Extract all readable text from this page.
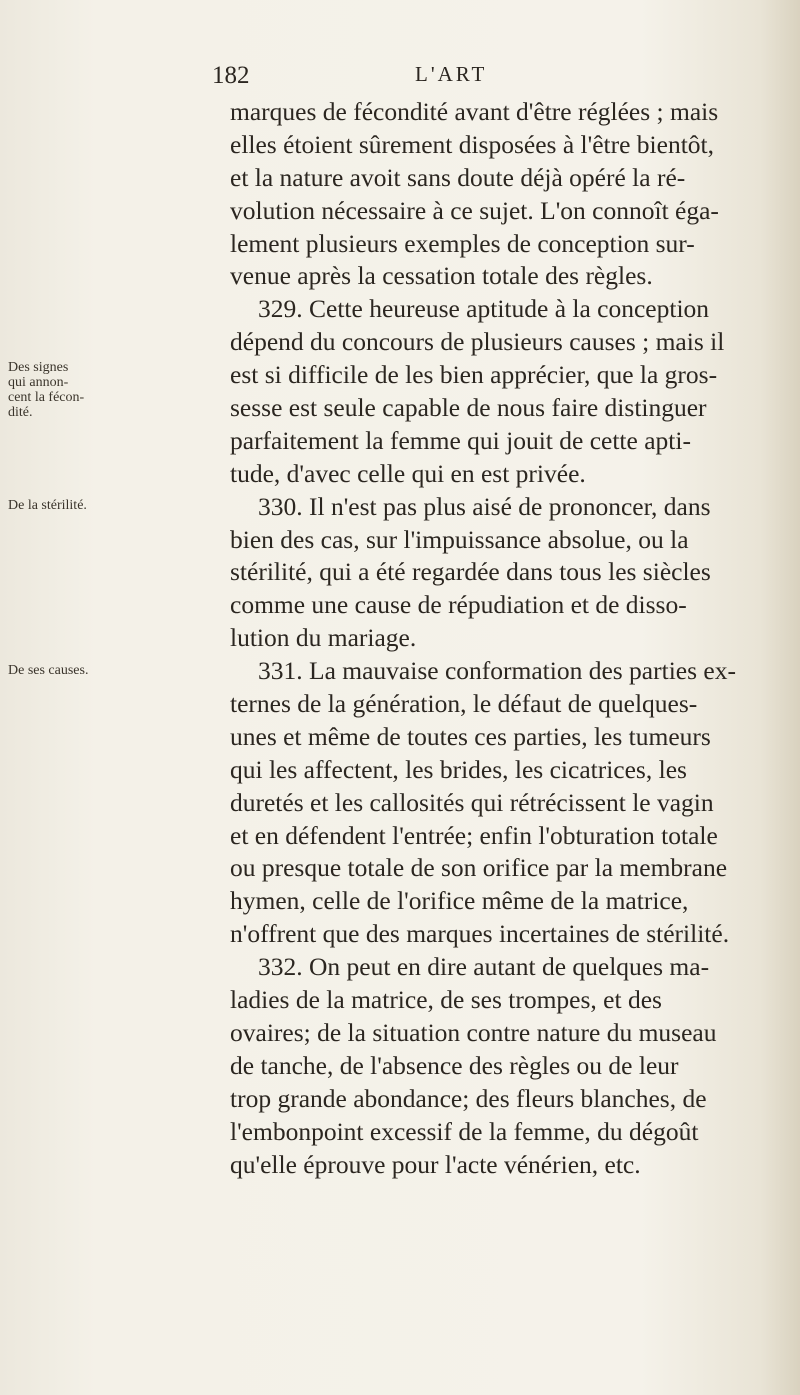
182	L'ART
Des signes
qui annon-
cent la fécon-
dité.
De la stérilité.
De ses causes.
marques de fécondité avant d'être réglées ; mais
elles étoient sûrement disposées à l'être bientôt,
et la nature avoit sans doute déjà opéré la ré-
volution nécessaire à ce sujet. L'on connoît éga-
lement plusieurs exemples de conception sur-
venue après la cessation totale des règles.
329. Cette heureuse aptitude à la conception
dépend du concours de plusieurs causes ; mais il
est si difficile de les bien apprécier, que la gros-
sesse est seule capable de nous faire distinguer
parfaitement la femme qui jouit de cette apti-
tude, d'avec celle qui en est privée.
330. Il n'est pas plus aisé de prononcer, dans
bien des cas, sur l'impuissance absolue, ou la
stérilité, qui a été regardée dans tous les siècles
comme une cause de répudiation et de disso-
lution du mariage.
331. La mauvaise conformation des parties ex-
ternes de la génération, le défaut de quelques-
unes et même de toutes ces parties, les tumeurs
qui les affectent, les brides, les cicatrices, les
duretés et les callosités qui rétrécissent le vagin
et en défendent l'entrée; enfin l'obturation totale
ou presque totale de son orifice par la membrane
hymen, celle de l'orifice même de la matrice,
n'offrent que des marques incertaines de stérilité.
332. On peut en dire autant de quelques ma-
ladies de la matrice, de ses trompes, et des
ovaires; de la situation contre nature du museau
de tanche, de l'absence des règles ou de leur
trop grande abondance; des fleurs blanches, de
l'embonpoint excessif de la femme, du dégoût
qu'elle éprouve pour l'acte vénérien, etc.
